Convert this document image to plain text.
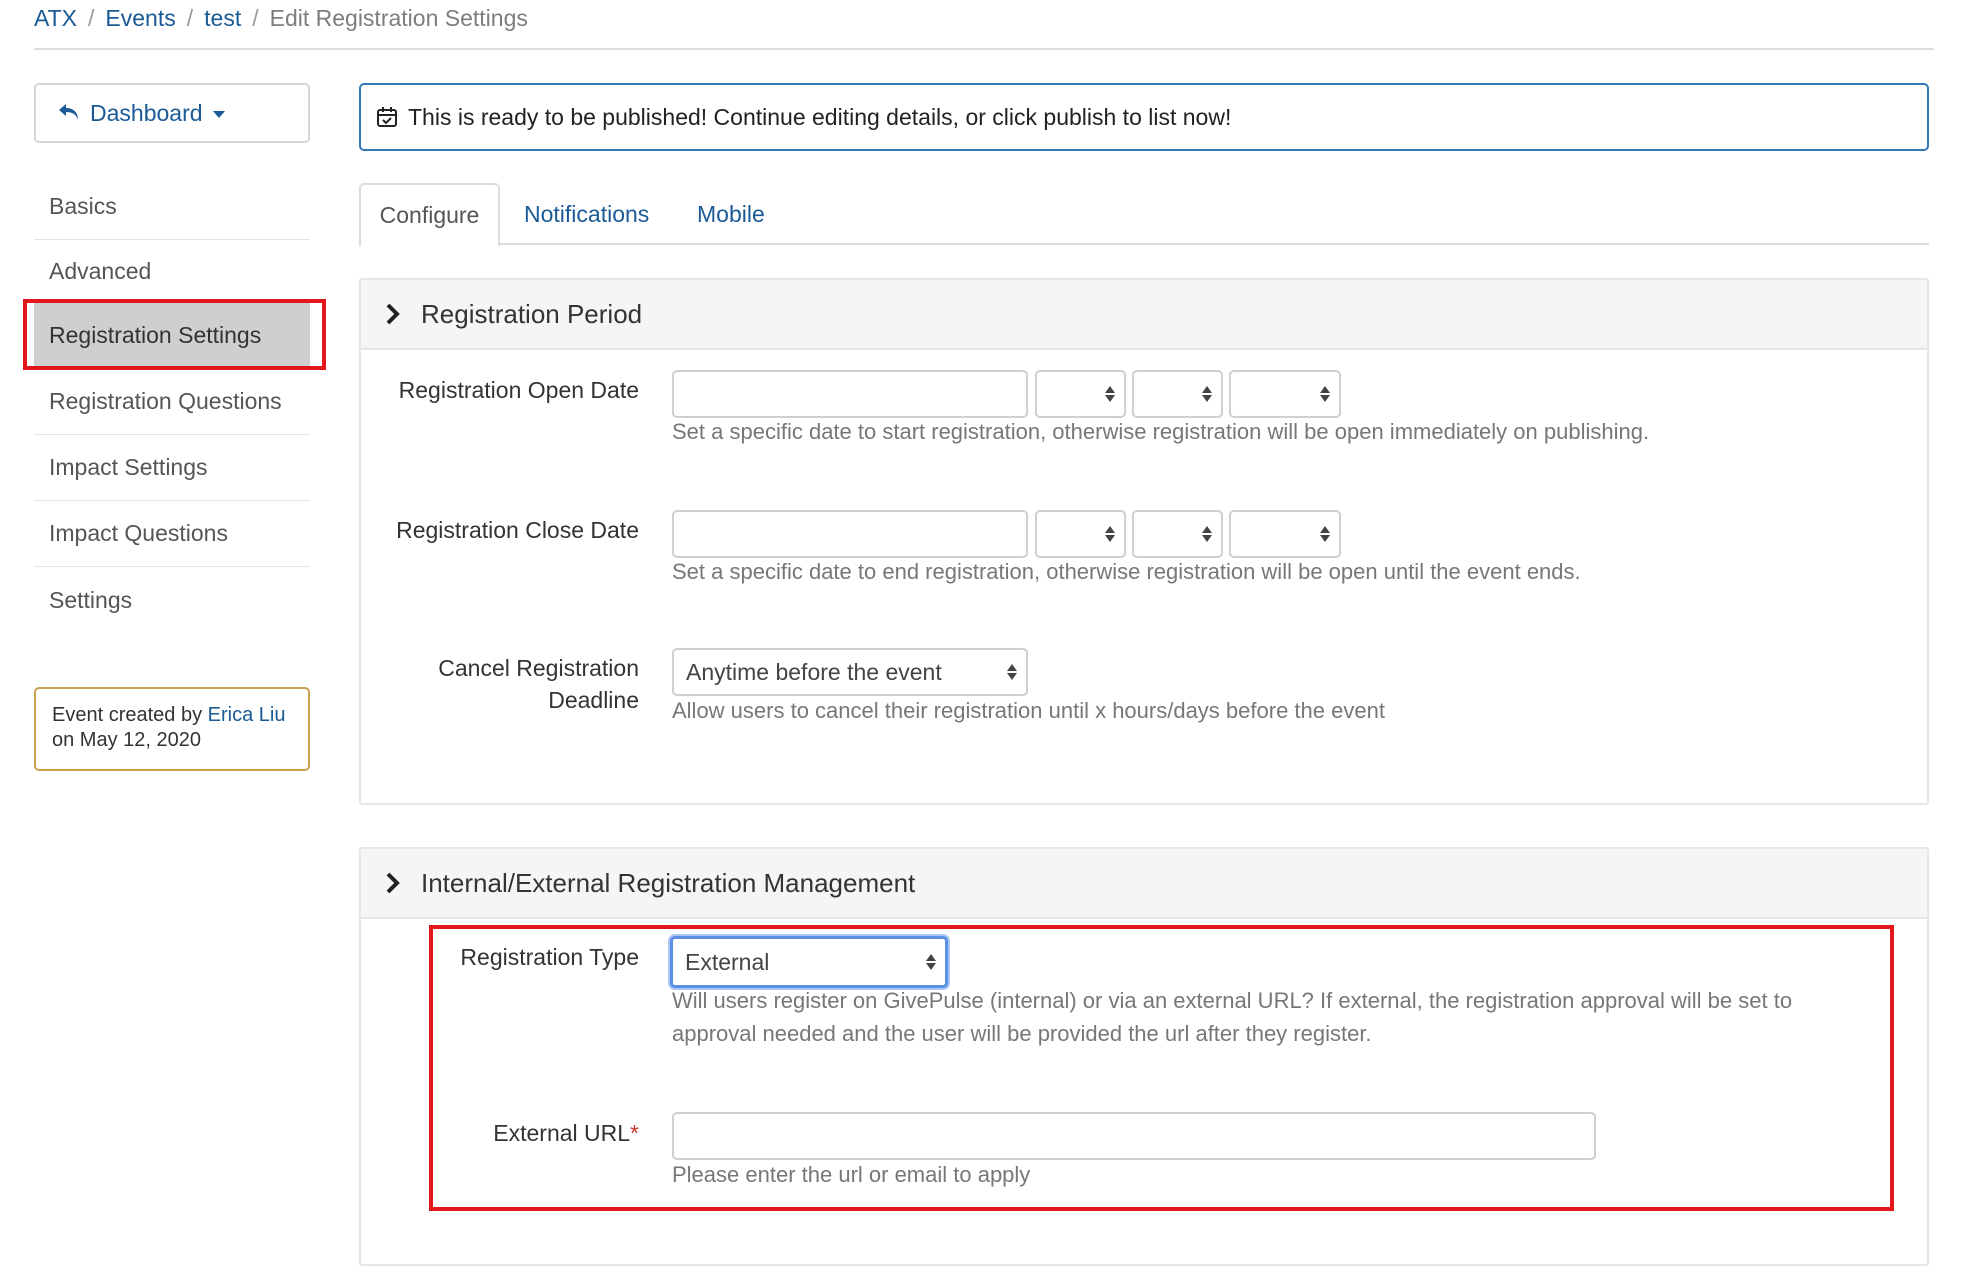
ATX / Events / test / Edit Registration Settings
Dashboard
Basics
Advanced
Registration Settings
Registration Questions
Impact Settings
Impact Questions
Settings
Event created by Erica Liu
on May 12, 2020
This is ready to be published! Continue editing details, or click publish to list now!
Configure	Notifications Mobile
Registration Period
Registration Open Date
Set a specific date to start registration, otherwise registration will be open immediately on publishing.
Registration Close Date
Set a specific date to end registration, otherwise registration will be open until the event ends.
Cancel Registration
Deadline
Anytime before the event
Allow users to cancel their registration until x hours/days before the event
Internal/External Registration Management
Registration Type External
Will users register on GivePulse (internal) or via an external URL? If external, the registration approval will be set to
approval needed and the user will be provided the url after they register.
External URL*
Please enter the url or email to apply
